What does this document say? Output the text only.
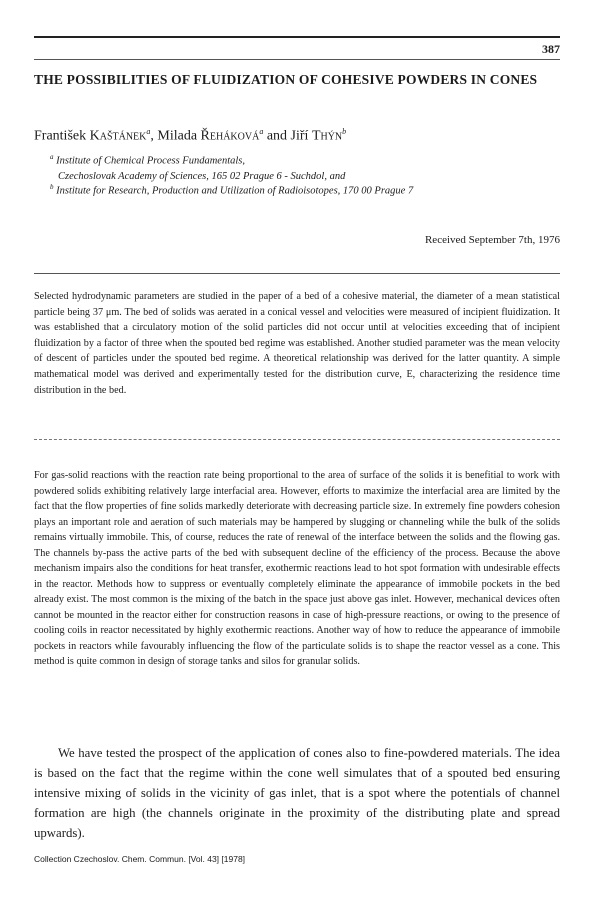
387
THE POSSIBILITIES OF FLUIDIZATION OF COHESIVE POWDERS IN CONES
František Kaštánek$^a$, Milada Řeháková$^a$ and Jiří Thýn$^b$
$^a$ Institute of Chemical Process Fundamentals,
Czechoslovak Academy of Sciences, 165 02 Prague 6 - Suchdol, and
$^b$ Institute for Research, Production and Utilization of Radioisotopes, 170 00 Prague 7
Received September 7th, 1976

Selected hydrodynamic parameters are studied in the paper of a bed of a cohesive material, the diameter of a mean statistical particle being 37 μm. The bed of solids was aerated in a conical vessel and velocities were measured of incipient fluidization. It was established that a circulatory motion of the solid particles did not occur until at velocities exceeding that of incipient fluidization by a factor of three when the spouted bed regime was established. Another studied parameter was the mean velocity of descent of particles under the spouted bed regime. A theoretical relationship was derived for the latter quantity. A simple mathematical model was derived and experimentally tested for the distribution curve, E, characterizing the residence time distribution in the bed.

For gas-solid reactions with the reaction rate being proportional to the area of surface of the solids it is benefitial to work with powdered solids exhibiting relatively large interfacial area. However, efforts to maximize the interfacial area are limited by the fact that the flow properties of fine solids markedly deteriorate with decreasing particle size. In extremely fine powders cohesion plays an important role and aeration of such materials may be hampered by slugging or channeling while the bulk of the solids remains virtually immobile. This, of course, reduces the rate of renewal of the interface between the solids and the flowing gas. The channels by-pass the active parts of the bed with subsequent decline of the efficiency of the process. Because the above mechanism impairs also the conditions for heat transfer, exothermic reactions lead to hot spot formation with undesirable effects in the reactor. Methods how to suppress or eventually completely eliminate the appearance of immobile pockets in the bed already exist. The most common is the mixing of the batch in the space just above gas inlet. However, mechanical devices often cannot be mounted in the reactor either for construction reasons in case of high-pressure reactions, or owing to the presence of cooling coils in reactor necessitated by highly exothermic reactions. Another way of how to reduce the appearance of immobile pockets in reactors while favourably influencing the flow of the particulate solids is to shape the reactor vessel as a cone. This method is quite common in design of storage tanks and silos for granular solids.

We have tested the prospect of the application of cones also to fine-powdered materials. The idea is based on the fact that the regime within the cone well simulates that of a spouted bed ensuring intensive mixing of solids in the vicinity of gas inlet, that is a spot where the potentials of channel formation are high (the channels originate in the proximity of the distributing plate and spread upwards).

Collection Czechoslov. Chem. Commun. [Vol. 43] [1978]
